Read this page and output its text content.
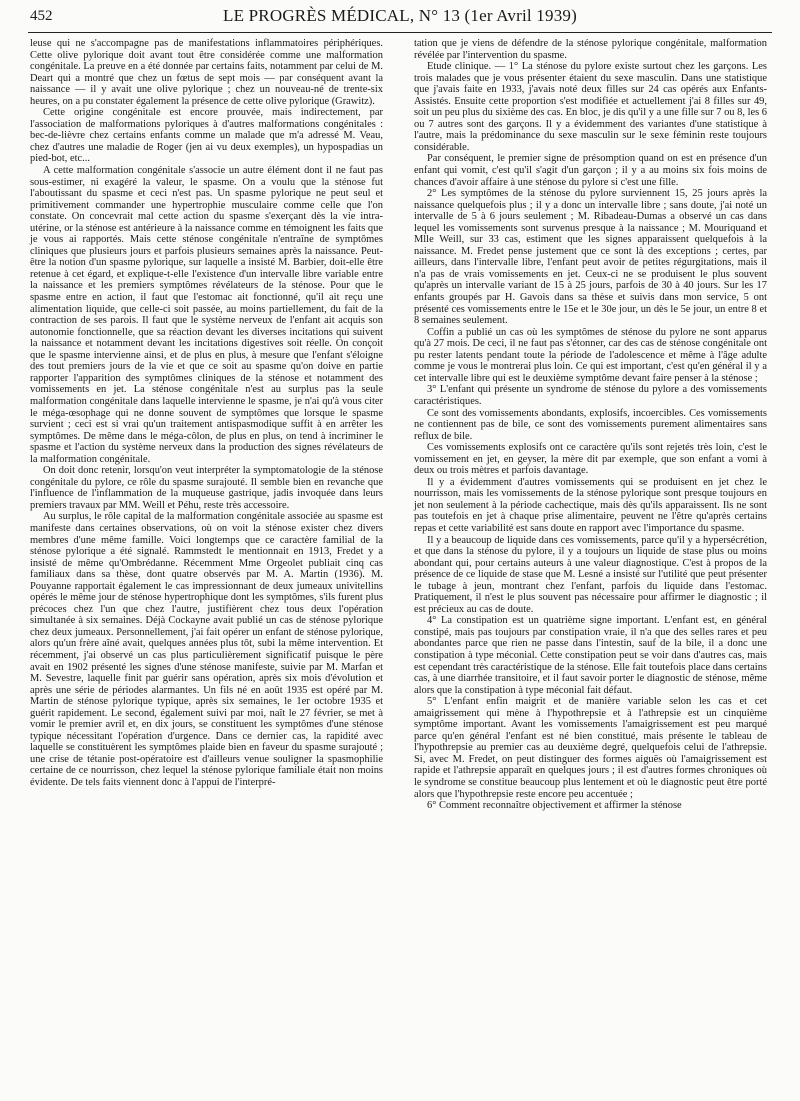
452	LE PROGRÈS MÉDICAL, N° 13 (1er Avril 1939)

leuse qui ne s'accompagne pas de manifestations inflammatoires périphériques. Cette olive pylorique doit avant tout être considérée comme une malformation congénitale. La preuve en a été donnée par certains faits, notamment par celui de M. Deart qui a montré que chez un fœtus de sept mois — par conséquent avant la naissance — il y avait une olive pylorique ; chez un nouveau-né de trente-six heures, on a pu constater également la présence de cette olive pylorique (Grawitz).

Cette origine congénitale est encore prouvée, mais indirectement, par l'association de malformations pyloriques à d'autres malformations congénitales : bec-de-lièvre chez certains enfants comme un malade que m'a adressé M. Veau, chez d'autres une maladie de Roger (jen ai vu deux exemples), un hypospadias un pied-bot, etc...

A cette malformation congénitale s'associe un autre élément dont il ne faut pas sous-estimer, ni exagéré la valeur, le spasme. On a voulu que la sténose fut l'aboutissant du spasme et ceci n'est pas. Un spasme pylorique ne peut seul et primitivement commander une hypertrophie musculaire comme celle que l'on constate. On concevrait mal cette action du spasme s'exerçant dès la vie intra-utérine, or la sténose est antérieure à la naissance comme en témoignent les faits que je vous ai rapportés. Mais cette sténose congénitale n'entraîne de symptômes cliniques que plusieurs jours et parfois plusieurs semaines après la naissance. Peut-être la notion d'un spasme pylorique, sur laquelle a insisté M. Barbier, doit-elle être retenue à cet égard, et explique-t-elle l'existence d'un intervalle libre variable entre la naissance et les premiers symptômes révélateurs de la sténose. Pour que le spasme entre en action, il faut que l'estomac ait fonctionné, qu'il ait reçu une alimentation liquide, que celle-ci soit passée, au moins partiellement, du fait de la contraction de ses parois. Il faut que le système nerveux de l'enfant ait acquis son autonomie fonctionnelle, que sa réaction devant les diverses incitations qui suivent la naissance et notamment devant les incitations digestives soit réelle. On conçoit que le spasme intervienne ainsi, et de plus en plus, à mesure que l'enfant s'éloigne des tout premiers jours de la vie et que ce soit au spasme qu'on doive en partie rapporter l'apparition des symptômes cliniques de la sténose et notamment des vomissements en jet. La sténose congénitale n'est au surplus pas la seule malformation congénitale dans laquelle intervienne le spasme, je n'ai qu'à vous citer le méga-œsophage qui ne donne souvent de symptômes que lorsque le spasme survient ; ceci est si vrai qu'un traitement antispasmodique suffit à en arrêter les symptômes. De même dans le méga-côlon, de plus en plus, on tend à incriminer le spasme et l'action du système nerveux dans la production des signes révélateurs de la malformation congénitale.

On doit donc retenir, lorsqu'on veut interpréter la symptomatologie de la sténose congénitale du pylore, ce rôle du spasme surajouté. Il semble bien en revanche que l'influence de l'inflammation de la muqueuse gastrique, jadis invoquée dans leurs premiers travaux par MM. Weill et Péhu, reste très accessoire.

Au surplus, le rôle capital de la malformation congénitale associée au spasme est manifeste dans certaines observations, où on voit la sténose exister chez divers membres d'une même famille. Voici longtemps que ce caractère familial de la sténose pylorique a été signalé. Rammstedt le mentionnait en 1913, Fredet y a insisté de même qu'Ombrédanne. Récemment Mme Orgeolet publiait cinq cas familiaux dans sa thèse, dont quatre observés par M. A. Martin (1936). M. Pouyanne rapportait également le cas impressionnant de deux jumeaux univitellins opérés le même jour de sténose hypertrophique dont les symptômes, s'ils furent plus précoces chez l'un que chez l'autre, justifièrent chez tous deux l'opération simultanée à six semaines. Déjà Cockayne avait publié un cas de sténose pylorique chez deux jumeaux. Personnellement, j'ai fait opérer un enfant de sténose pylorique, alors qu'un frère aîné avait, quelques années plus tôt, subi la même intervention. Et récemment, j'ai observé un cas plus particulièrement significatif puisque le père avait en 1902 présenté les signes d'une sténose manifeste, suivie par M. Marfan et M. Sevestre, laquelle finit par guérir sans opération, après six mois d'évolution et après une série de périodes alarmantes. Un fils né en août 1935 est opéré par M. Martin de sténose pylorique typique, après six semaines, le 1er octobre 1935 et guérit rapidement. Le second, également suivi par moi, naît le 27 février, se met à vomir le premier avril et, en dix jours, se constituent les symptômes d'une sténose typique nécessitant l'opération d'urgence. Dans ce dernier cas, la rapidité avec laquelle se constituèrent les symptômes plaide bien en faveur du spasme surajouté ; une crise de tétanie post-opératoire est d'ailleurs venue souligner la spasmophilie certaine de ce nourrisson, chez lequel la sténose pylorique familiale était non moins évidente. De tels faits viennent donc à l'appui de l'interpré-

tation que je viens de défendre de la sténose pylorique congénitale, malformation révélée par l'intervention du spasme.

Etude clinique. — 1° La sténose du pylore existe surtout chez les garçons. Les trois malades que je vous présenter étaient du sexe masculin. Dans une statistique que j'avais faite en 1933, j'avais noté deux filles sur 24 cas opérés aux Enfants-Assistés. Ensuite cette proportion s'est modifiée et actuellement j'ai 8 filles sur 49, soit un peu plus du sixième des cas. En bloc, je dis qu'il y a une fille sur 7 ou 8, les 6 ou 7 autres sont des garçons. Il y a évidemment des variantes d'une statistique à l'autre, mais la prédominance du sexe masculin sur le sexe féminin reste toujours considérable.

Par conséquent, le premier signe de présomption quand on est en présence d'un enfant qui vomit, c'est qu'il s'agit d'un garçon ; il y a au moins six fois moins de chances d'avoir affaire à une sténose du pylore si c'est une fille.

2° Les symptômes de la sténose du pylore surviennent 15, 25 jours après la naissance quelquefois plus ; il y a donc un intervalle libre ; sans doute, j'ai noté un intervalle de 5 à 6 jours seulement ; M. Ribadeau-Dumas a observé un cas dans lequel les vomissements sont survenus presque à la naissance ; M. Mouriquand et Mlle Weill, sur 33 cas, estiment que les signes apparaissent quelquefois à la naissance. M. Fredet pense justement que ce sont là des exceptions ; certes, par ailleurs, dans l'intervalle libre, l'enfant peut avoir de petites régurgitations, mais il n'a pas de vrais vomissements en jet. Ceux-ci ne se produisent le plus souvent qu'après un intervalle variant de 15 à 25 jours, parfois de 30 à 40 jours. Sur les 17 enfants groupés par H. Gavois dans sa thèse et suivis dans mon service, 5 ont présenté ces vomissements entre le 15e et le 30e jour, un dès le 5e jour, un entre 8 et 8 semaines seulement.

Coffin a publié un cas où les symptômes de sténose du pylore ne sont apparus qu'à 27 mois. De ceci, il ne faut pas s'étonner, car des cas de sténose congénitale ont pu rester latents pendant toute la période de l'adolescence et même à l'âge adulte comme je vous le montrerai plus loin. Ce qui est important, c'est qu'en général il y a cet intervalle libre qui est le deuxième symptôme devant faire penser à la sténose ;

3° L'enfant qui présente un syndrome de sténose du pylore a des vomissements caractéristiques.

Ce sont des vomissements abondants, explosifs, incoercibles. Ces vomissements ne contiennent pas de bile, ce sont des vomissements purement alimentaires sans reflux de bile.

Ces vomissements explosifs ont ce caractère qu'ils sont rejetés très loin, c'est le vomissement en jet, en geyser, la mère dit par exemple, que son enfant a vomi à deux ou trois mètres et parfois davantage.

Il y a évidemment d'autres vomissements qui se produisent en jet chez le nourrisson, mais les vomissements de la sténose pylorique sont presque toujours en jet non seulement à la période cachectique, mais dès qu'ils apparaissent. Ils ne sont pas toutefois en jet à chaque prise alimentaire, peuvent ne l'être qu'après certains repas et cette variabilité est sans doute en rapport avec l'importance du spasme.

Il y a beaucoup de liquide dans ces vomissements, parce qu'il y a hypersécrétion, et que dans la sténose du pylore, il y a toujours un liquide de stase plus ou moins abondant qui, pour certains auteurs à une valeur diagnostique. C'est à propos de la présence de ce liquide de stase que M. Lesné a insisté sur l'utilité que peut présenter le tubage à jeun, montrant chez l'enfant, parfois du liquide dans l'estomac. Pratiquement, il n'est le plus souvent pas nécessaire pour affirmer le diagnostic ; il est précieux au cas de doute.

4° La constipation est un quatrième signe important. L'enfant est, en général constipé, mais pas toujours par constipation vraie, il n'a que des selles rares et peu abondantes parce que rien ne passe dans l'intestin, sauf de la bile, il a donc une constipation à type méconial. Cette constipation peut se voir dans d'autres cas, mais est cependant très caractéristique de la sténose. Elle fait toutefois place dans certains cas, à une diarrhée transitoire, et il faut savoir porter le diagnostic de sténose, même alors que la constipation à type méconial fait défaut.

5° L'enfant enfin maigrit et de manière variable selon les cas et cet amaigrissement qui mène à l'hypothrepsie et à l'athrepsie est un cinquième symptôme important. Avant les vomissements l'amaigrissement est peu marqué parce qu'en général l'enfant est né bien constitué, mais présente le tableau de l'hypothrepsie au premier cas au deuxième degré, quelquefois celui de l'athrepsie. Si, avec M. Fredet, on peut distinguer des formes aiguës où l'amaigrissement est rapide et l'athrepsie apparaît en quelques jours ; il est d'autres formes chroniques où le syndrome se constitue beaucoup plus lentement et où le diagnostic peut être porté alors que l'hypothrepsie reste encore peu accentuée ;

6° Comment reconnaître objectivement et affirmer la sténose
